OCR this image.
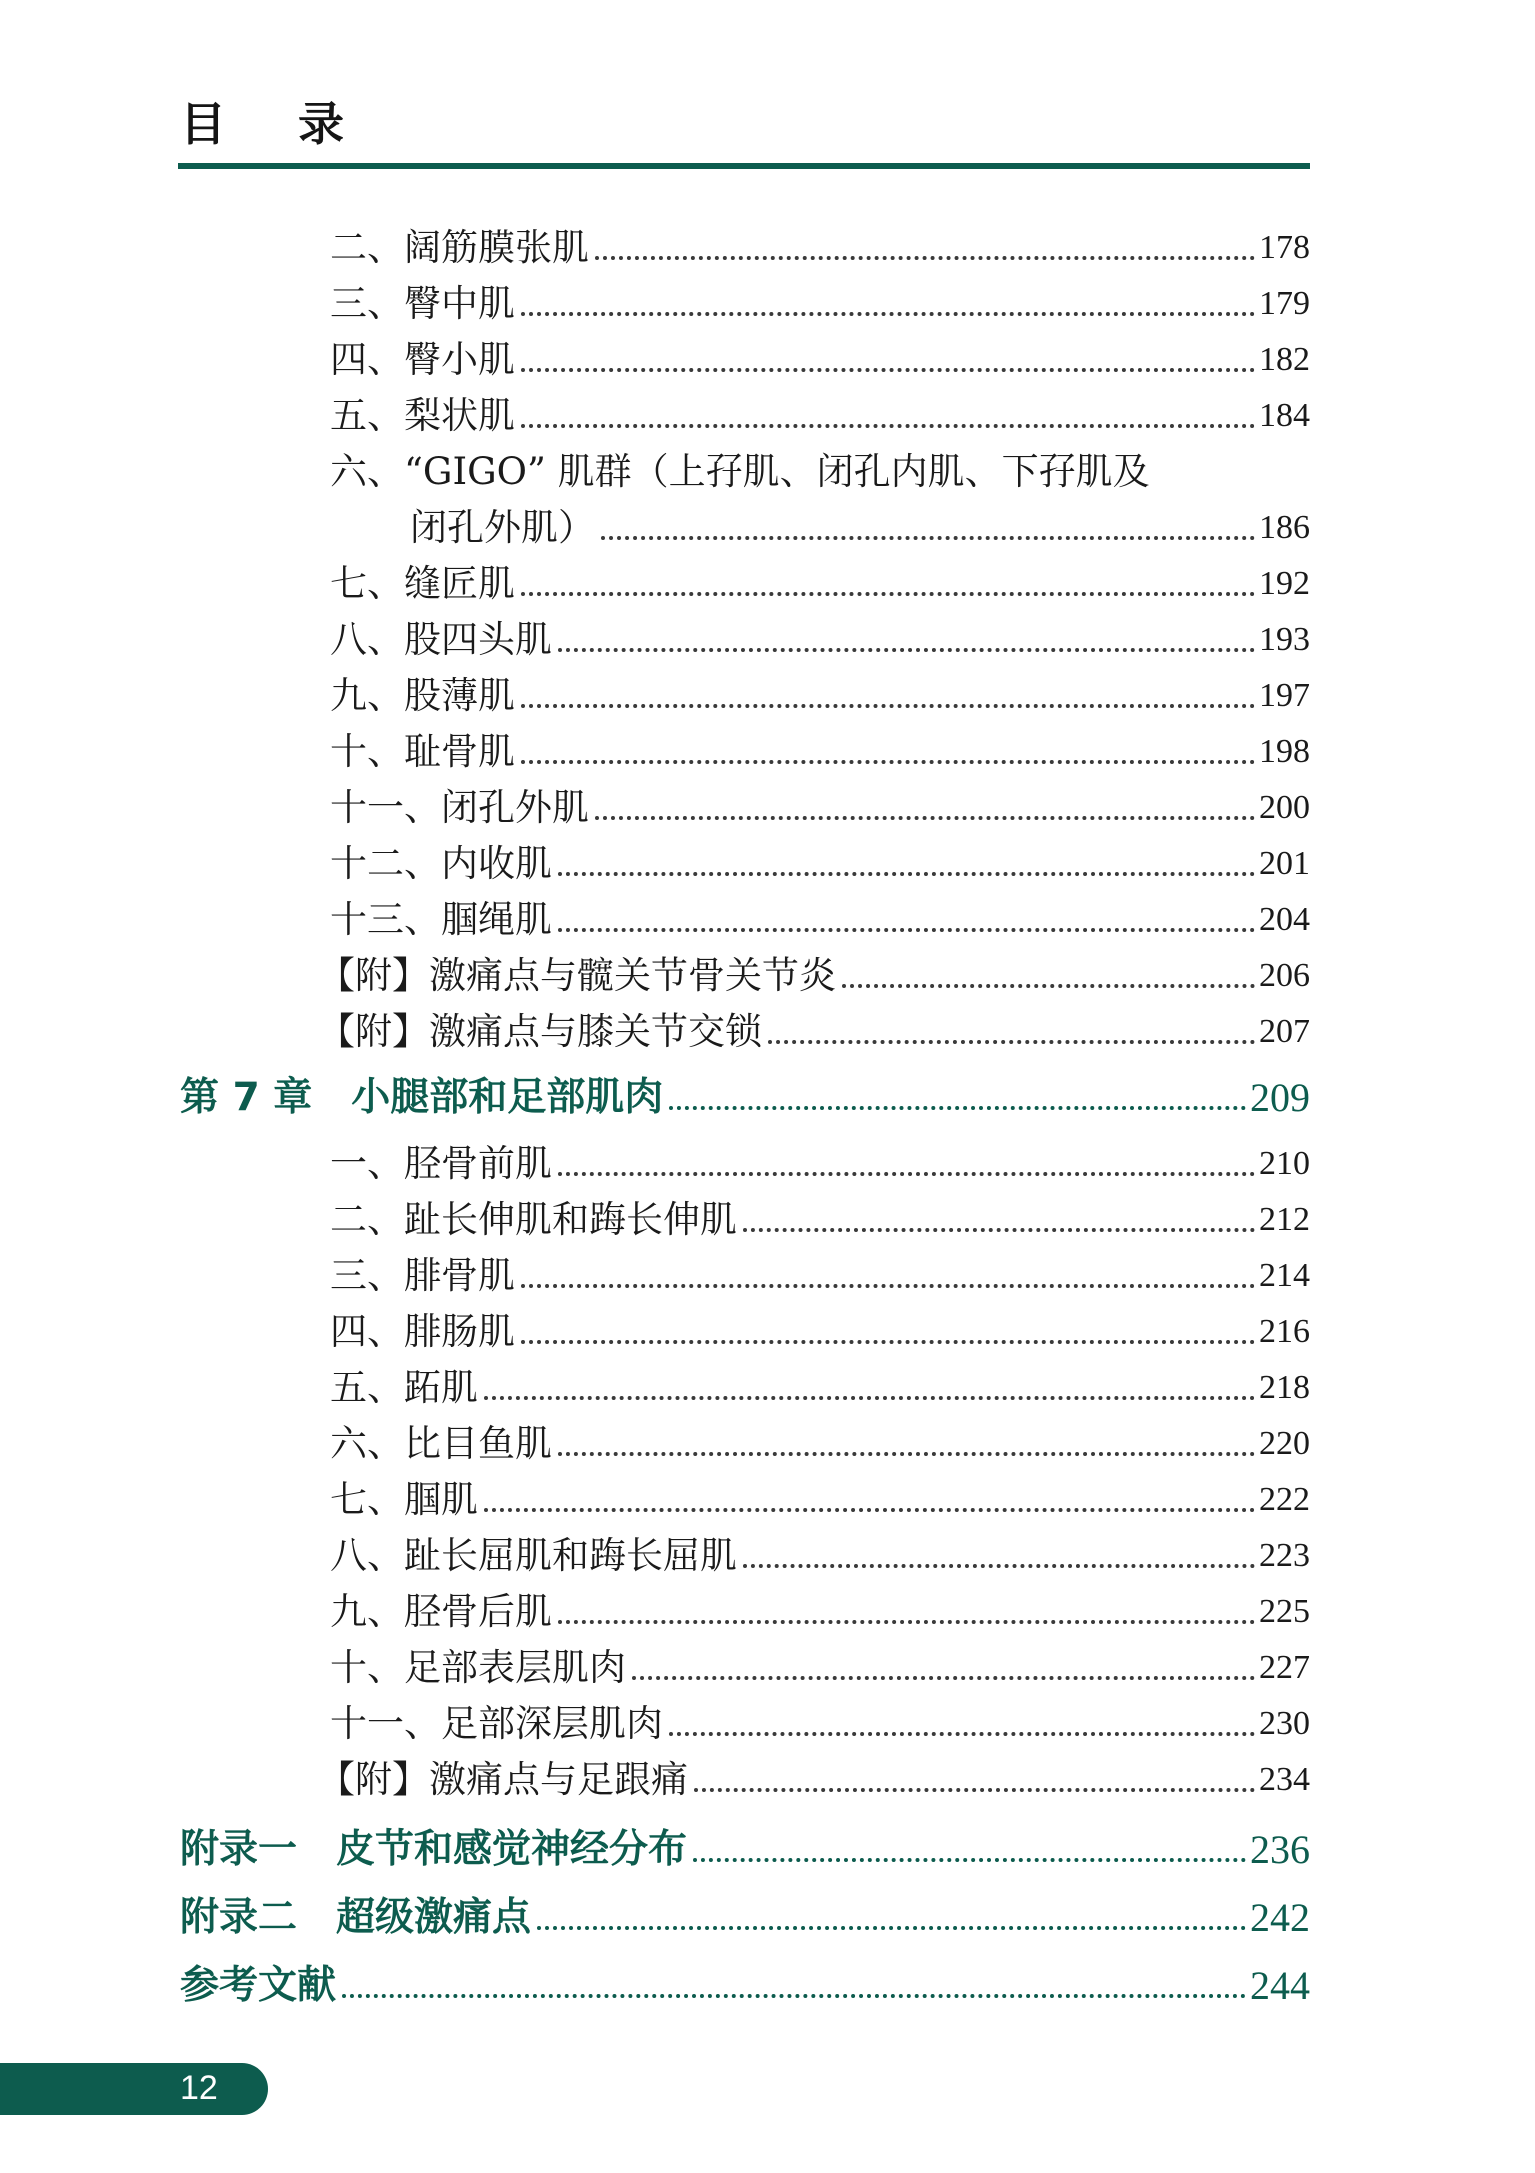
目录
二、阔筋膜张肌	178
三、臀中肌	179
四、臀小肌	182
五、梨状肌	184
六、“GIGO” 肌群（上孖肌、闭孔内肌、下孖肌及
闭孔外肌）	186
七、缝匠肌	192
八、股四头肌	193
九、股薄肌	197
十、耻骨肌	198
十一、闭孔外肌	200
十二、内收肌	201
十三、腘绳肌	204
【附】激痛点与髋关节骨关节炎	206
【附】激痛点与膝关节交锁	207
第 7 章　小腿部和足部肌肉	209
一、胫骨前肌	210
二、趾长伸肌和踇长伸肌	212
三、腓骨肌	214
四、腓肠肌	216
五、跖肌	218
六、比目鱼肌	220
七、腘肌	222
八、趾长屈肌和踇长屈肌	223
九、胫骨后肌	225
十、足部表层肌肉	227
十一、足部深层肌肉	230
【附】激痛点与足跟痛	234
附录一　皮节和感觉神经分布	236
附录二　超级激痛点	242
参考文献	244
12
